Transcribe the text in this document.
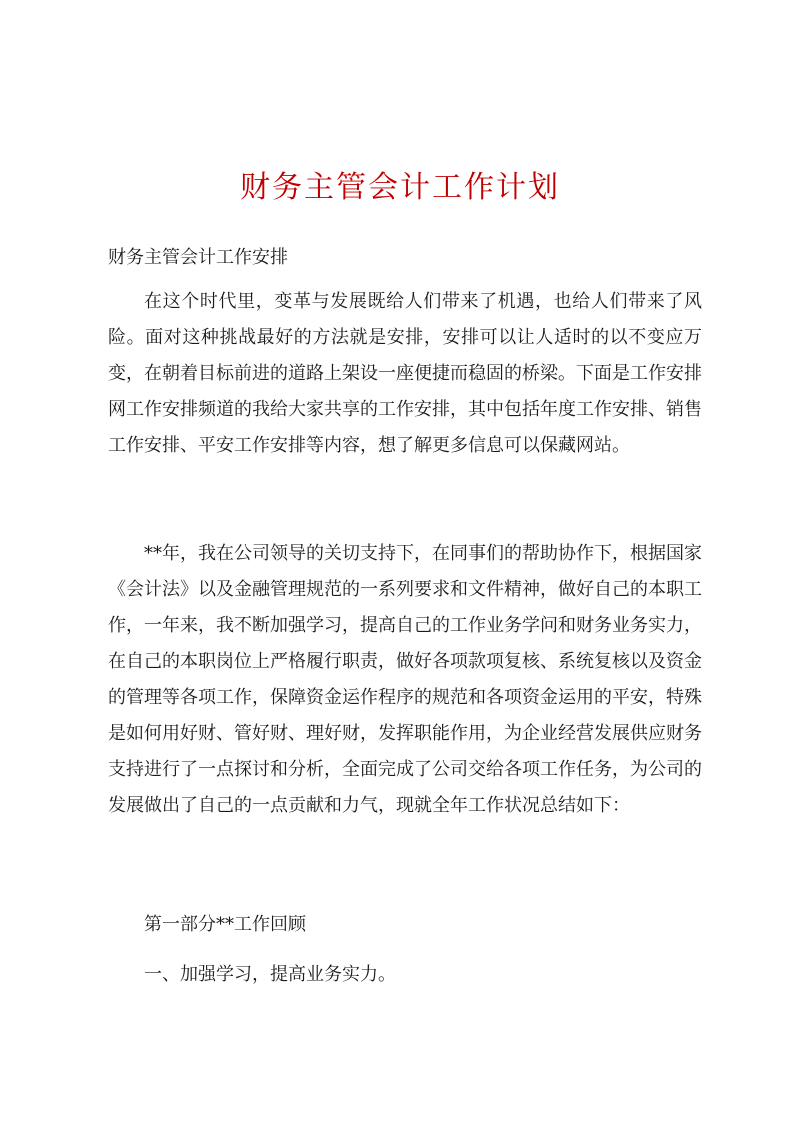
财务主管会计工作计划

财务主管会计工作安排

在这个时代里，变革与发展既给人们带来了机遇，也给人们带来了风险。面对这种挑战最好的方法就是安排，安排可以让人适时的以不变应万变，在朝着目标前进的道路上架设一座便捷而稳固的桥梁。下面是工作安排网工作安排频道的我给大家共享的工作安排，其中包括年度工作安排、销售工作安排、平安工作安排等内容，想了解更多信息可以保藏网站。

**年，我在公司领导的关切支持下，在同事们的帮助协作下，根据国家《会计法》以及金融管理规范的一系列要求和文件精神，做好自己的本职工作，一年来，我不断加强学习，提高自己的工作业务学问和财务业务实力，在自己的本职岗位上严格履行职责，做好各项款项复核、系统复核以及资金的管理等各项工作，保障资金运作程序的规范和各项资金运用的平安，特殊是如何用好财、管好财、理好财，发挥职能作用，为企业经营发展供应财务支持进行了一点探讨和分析，全面完成了公司交给各项工作任务，为公司的发展做出了自己的一点贡献和力气，现就全年工作状况总结如下：

第一部分**工作回顾

一、加强学习，提高业务实力。
